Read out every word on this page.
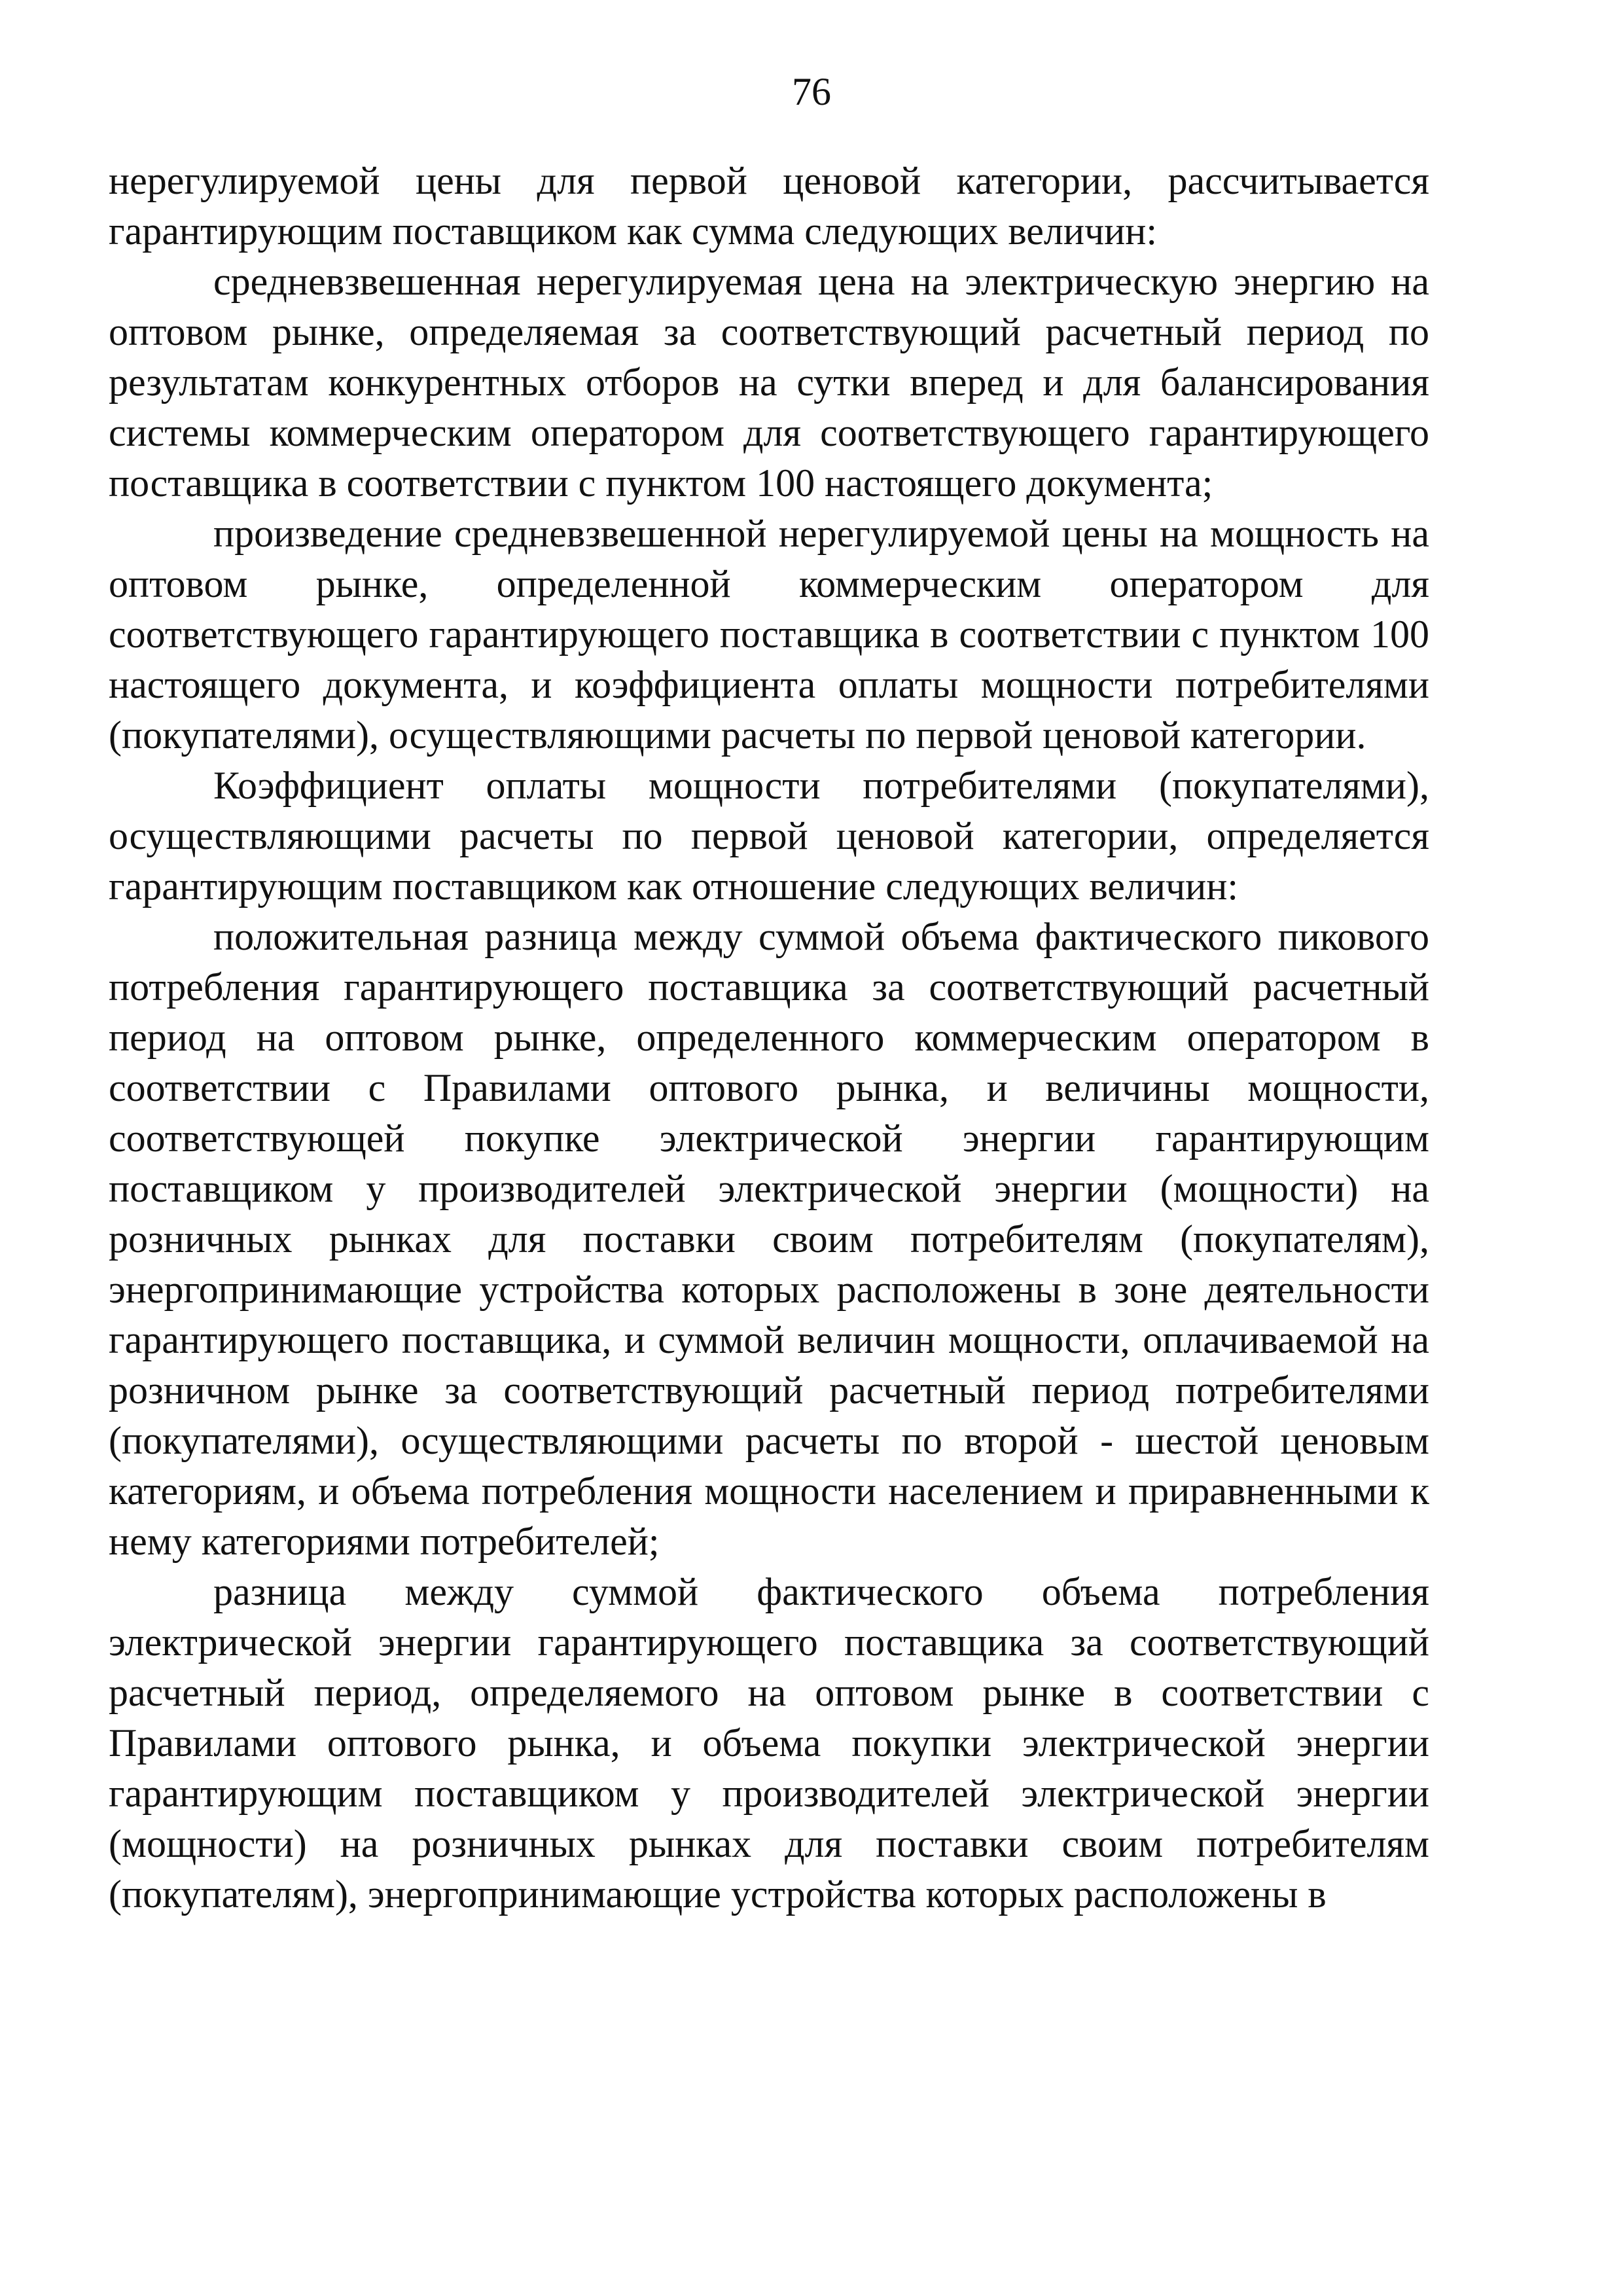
76

нерегулируемой цены для первой ценовой категории, рассчитывается гарантирующим поставщиком как сумма следующих величин:

средневзвешенная нерегулируемая цена на электрическую энергию на оптовом рынке, определяемая за соответствующий расчетный период по результатам конкурентных отборов на сутки вперед и для балансирования системы коммерческим оператором для соответствующего гарантирующего поставщика в соответствии с пунктом 100 настоящего документа;

произведение средневзвешенной нерегулируемой цены на мощность на оптовом рынке, определенной коммерческим оператором для соответствующего гарантирующего поставщика в соответствии с пунктом 100 настоящего документа, и коэффициента оплаты мощности потребителями (покупателями), осуществляющими расчеты по первой ценовой категории.

Коэффициент оплаты мощности потребителями (покупателями), осуществляющими расчеты по первой ценовой категории, определяется гарантирующим поставщиком как отношение следующих величин:

положительная разница между суммой объема фактического пикового потребления гарантирующего поставщика за соответствующий расчетный период на оптовом рынке, определенного коммерческим оператором в соответствии с Правилами оптового рынка, и величины мощности, соответствующей покупке электрической энергии гарантирующим поставщиком у производителей электрической энергии (мощности) на розничных рынках для поставки своим потребителям (покупателям), энергопринимающие устройства которых расположены в зоне деятельности гарантирующего поставщика, и суммой величин мощности, оплачиваемой на розничном рынке за соответствующий расчетный период потребителями (покупателями), осуществляющими расчеты по второй - шестой ценовым категориям, и объема потребления мощности населением и приравненными к нему категориями потребителей;

разница между суммой фактического объема потребления электрической энергии гарантирующего поставщика за соответствующий расчетный период, определяемого на оптовом рынке в соответствии с Правилами оптового рынка, и объема покупки электрической энергии гарантирующим поставщиком у производителей электрической энергии (мощности) на розничных рынках для поставки своим потребителям (покупателям), энергопринимающие устройства которых расположены в
